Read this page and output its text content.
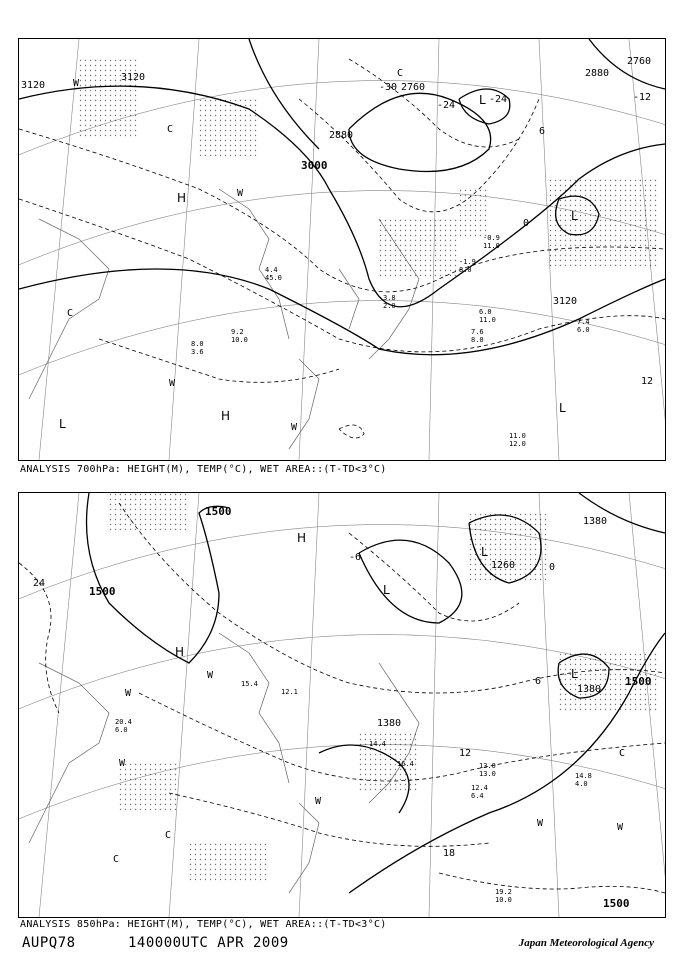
3120
3120
2880
2760
2880
2760
3000
3120
-30
-24
-12
0
6
12
-24
H
L
L
L
L
H
W
W
W
C
C
C
W
-0.9
11.0
-1.9
8.0
7.6
8.0
9.2
10.0
8.0
3.6
11.0
12.0
6.0
11.0	7.4
6.0
3.8
2.0
4.4
45.0
ANALYSIS 700hPa: HEIGHT(M), TEMP(°C), WET AREA::(T-TD<3°C)
1500
1500
1380
1260
1380
1500
1500
1380
24
12
18
6
-6
0
H
H
L
L
L
W
W
W
W
C
C
C
W	W
13.0
13.0
12.4
6.4
14.8
4.0
19.2
10.0
20.4
6.0
15.4
12.1
16.4
14.4
ANALYSIS 850hPa: HEIGHT(M), TEMP(°C), WET AREA::(T-TD<3°C)
AUPQ78	140000UTC APR 2009	Japan Meteorological Agency
